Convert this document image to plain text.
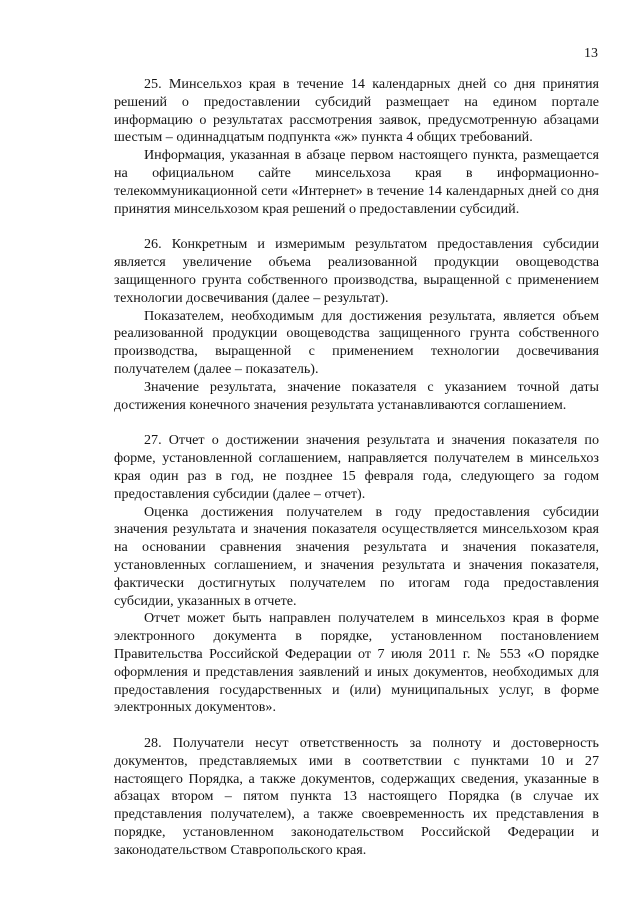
13

25. Минсельхоз края в течение 14 календарных дней со дня принятия решений о предоставлении субсидий размещает на едином портале информацию о результатах рассмотрения заявок, предусмотренную абзацами шестым – одиннадцатым подпункта «ж» пункта 4 общих требований.

Информация, указанная в абзаце первом настоящего пункта, размещается на официальном сайте минсельхоза края в информационно-телекоммуникационной сети «Интернет» в течение 14 календарных дней со дня принятия минсельхозом края решений о предоставлении субсидий.

26. Конкретным и измеримым результатом предоставления субсидии является увеличение объема реализованной продукции овощеводства защищенного грунта собственного производства, выращенной с применением технологии досвечивания (далее – результат).

Показателем, необходимым для достижения результата, является объем реализованной продукции овощеводства защищенного грунта собственного производства, выращенной с применением технологии досвечивания получателем (далее – показатель).

Значение результата, значение показателя с указанием точной даты достижения конечного значения результата устанавливаются соглашением.

27. Отчет о достижении значения результата и значения показателя по форме, установленной соглашением, направляется получателем в минсельхоз края один раз в год, не позднее 15 февраля года, следующего за годом предоставления субсидии (далее – отчет).

Оценка достижения получателем в году предоставления субсидии значения результата и значения показателя осуществляется минсельхозом края на основании сравнения значения результата и значения показателя, установленных соглашением, и значения результата и значения показателя, фактически достигнутых получателем по итогам года предоставления субсидии, указанных в отчете.

Отчет может быть направлен получателем в минсельхоз края в форме электронного документа в порядке, установленном постановлением Правительства Российской Федерации от 7 июля 2011 г. № 553 «О порядке оформления и представления заявлений и иных документов, необходимых для предоставления государственных и (или) муниципальных услуг, в форме электронных документов».

28. Получатели несут ответственность за полноту и достоверность документов, представляемых ими в соответствии с пунктами 10 и 27 настоящего Порядка, а также документов, содержащих сведения, указанные в абзацах втором – пятом пункта 13 настоящего Порядка (в случае их представления получателем), а также своевременность их представления в порядке, установленном законодательством Российской Федерации и законодательством Ставропольского края.
